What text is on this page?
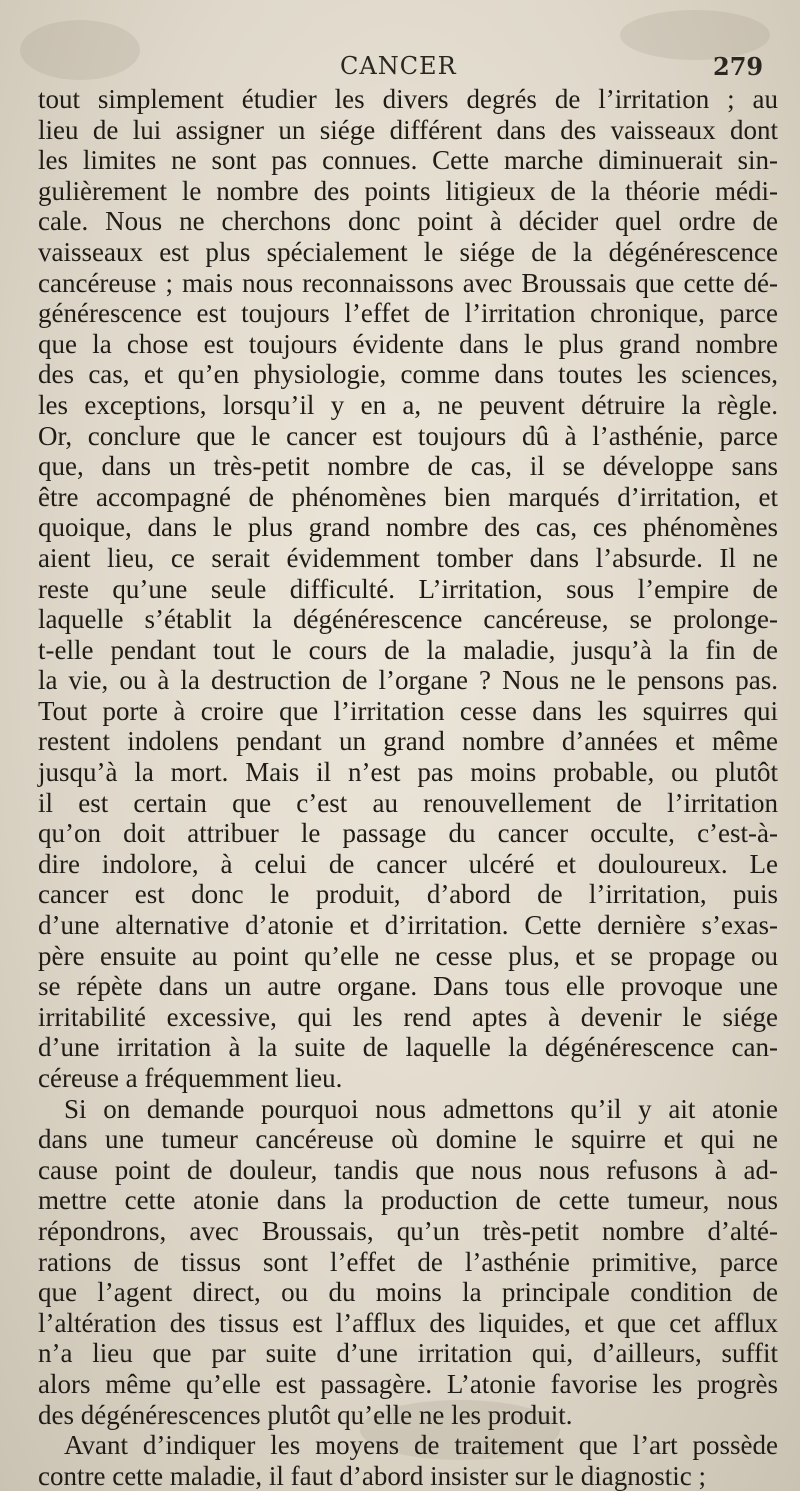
CANCER	279
tout simplement étudier les divers degrés de l’irritation ; au
lieu de lui assigner un siége différent dans des vaisseaux dont
les limites ne sont pas connues. Cette marche diminuerait sin-
gulièrement le nombre des points litigieux de la théorie médi-
cale. Nous ne cherchons donc point à décider quel ordre de
vaisseaux est plus spécialement le siége de la dégénérescence
cancéreuse ; mais nous reconnaissons avec Broussais que cette dé-
générescence est toujours l’effet de l’irritation chronique, parce
que la chose est toujours évidente dans le plus grand nombre
des cas, et qu’en physiologie, comme dans toutes les sciences,
les exceptions, lorsqu’il y en a, ne peuvent détruire la règle.
Or, conclure que le cancer est toujours dû à l’asthénie, parce
que, dans un très-petit nombre de cas, il se développe sans
être accompagné de phénomènes bien marqués d’irritation, et
quoique, dans le plus grand nombre des cas, ces phénomènes
aient lieu, ce serait évidemment tomber dans l’absurde. Il ne
reste qu’une seule difficulté. L’irritation, sous l’empire de
laquelle s’établit la dégénérescence cancéreuse, se prolonge-
t-elle pendant tout le cours de la maladie, jusqu’à la fin de
la vie, ou à la destruction de l’organe ? Nous ne le pensons pas.
Tout porte à croire que l’irritation cesse dans les squirres qui
restent indolens pendant un grand nombre d’années et même
jusqu’à la mort. Mais il n’est pas moins probable, ou plutôt
il est certain que c’est au renouvellement de l’irritation
qu’on doit attribuer le passage du cancer occulte, c’est-à-
dire indolore, à celui de cancer ulcéré et douloureux. Le
cancer est donc le produit, d’abord de l’irritation, puis
d’une alternative d’atonie et d’irritation. Cette dernière s’exas-
père ensuite au point qu’elle ne cesse plus, et se propage ou
se répète dans un autre organe. Dans tous elle provoque une
irritabilité excessive, qui les rend aptes à devenir le siége
d’une irritation à la suite de laquelle la dégénérescence can-
céreuse a fréquemment lieu.
Si on demande pourquoi nous admettons qu’il y ait atonie
dans une tumeur cancéreuse où domine le squirre et qui ne
cause point de douleur, tandis que nous nous refusons à ad-
mettre cette atonie dans la production de cette tumeur, nous
répondrons, avec Broussais, qu’un très-petit nombre d’alté-
rations de tissus sont l’effet de l’asthénie primitive, parce
que l’agent direct, ou du moins la principale condition de
l’altération des tissus est l’afflux des liquides, et que cet afflux
n’a lieu que par suite d’une irritation qui, d’ailleurs, suffit
alors même qu’elle est passagère. L’atonie favorise les progrès
des dégénérescences plutôt qu’elle ne les produit.
Avant d’indiquer les moyens de traitement que l’art possède
contre cette maladie, il faut d’abord insister sur le diagnostic ;
